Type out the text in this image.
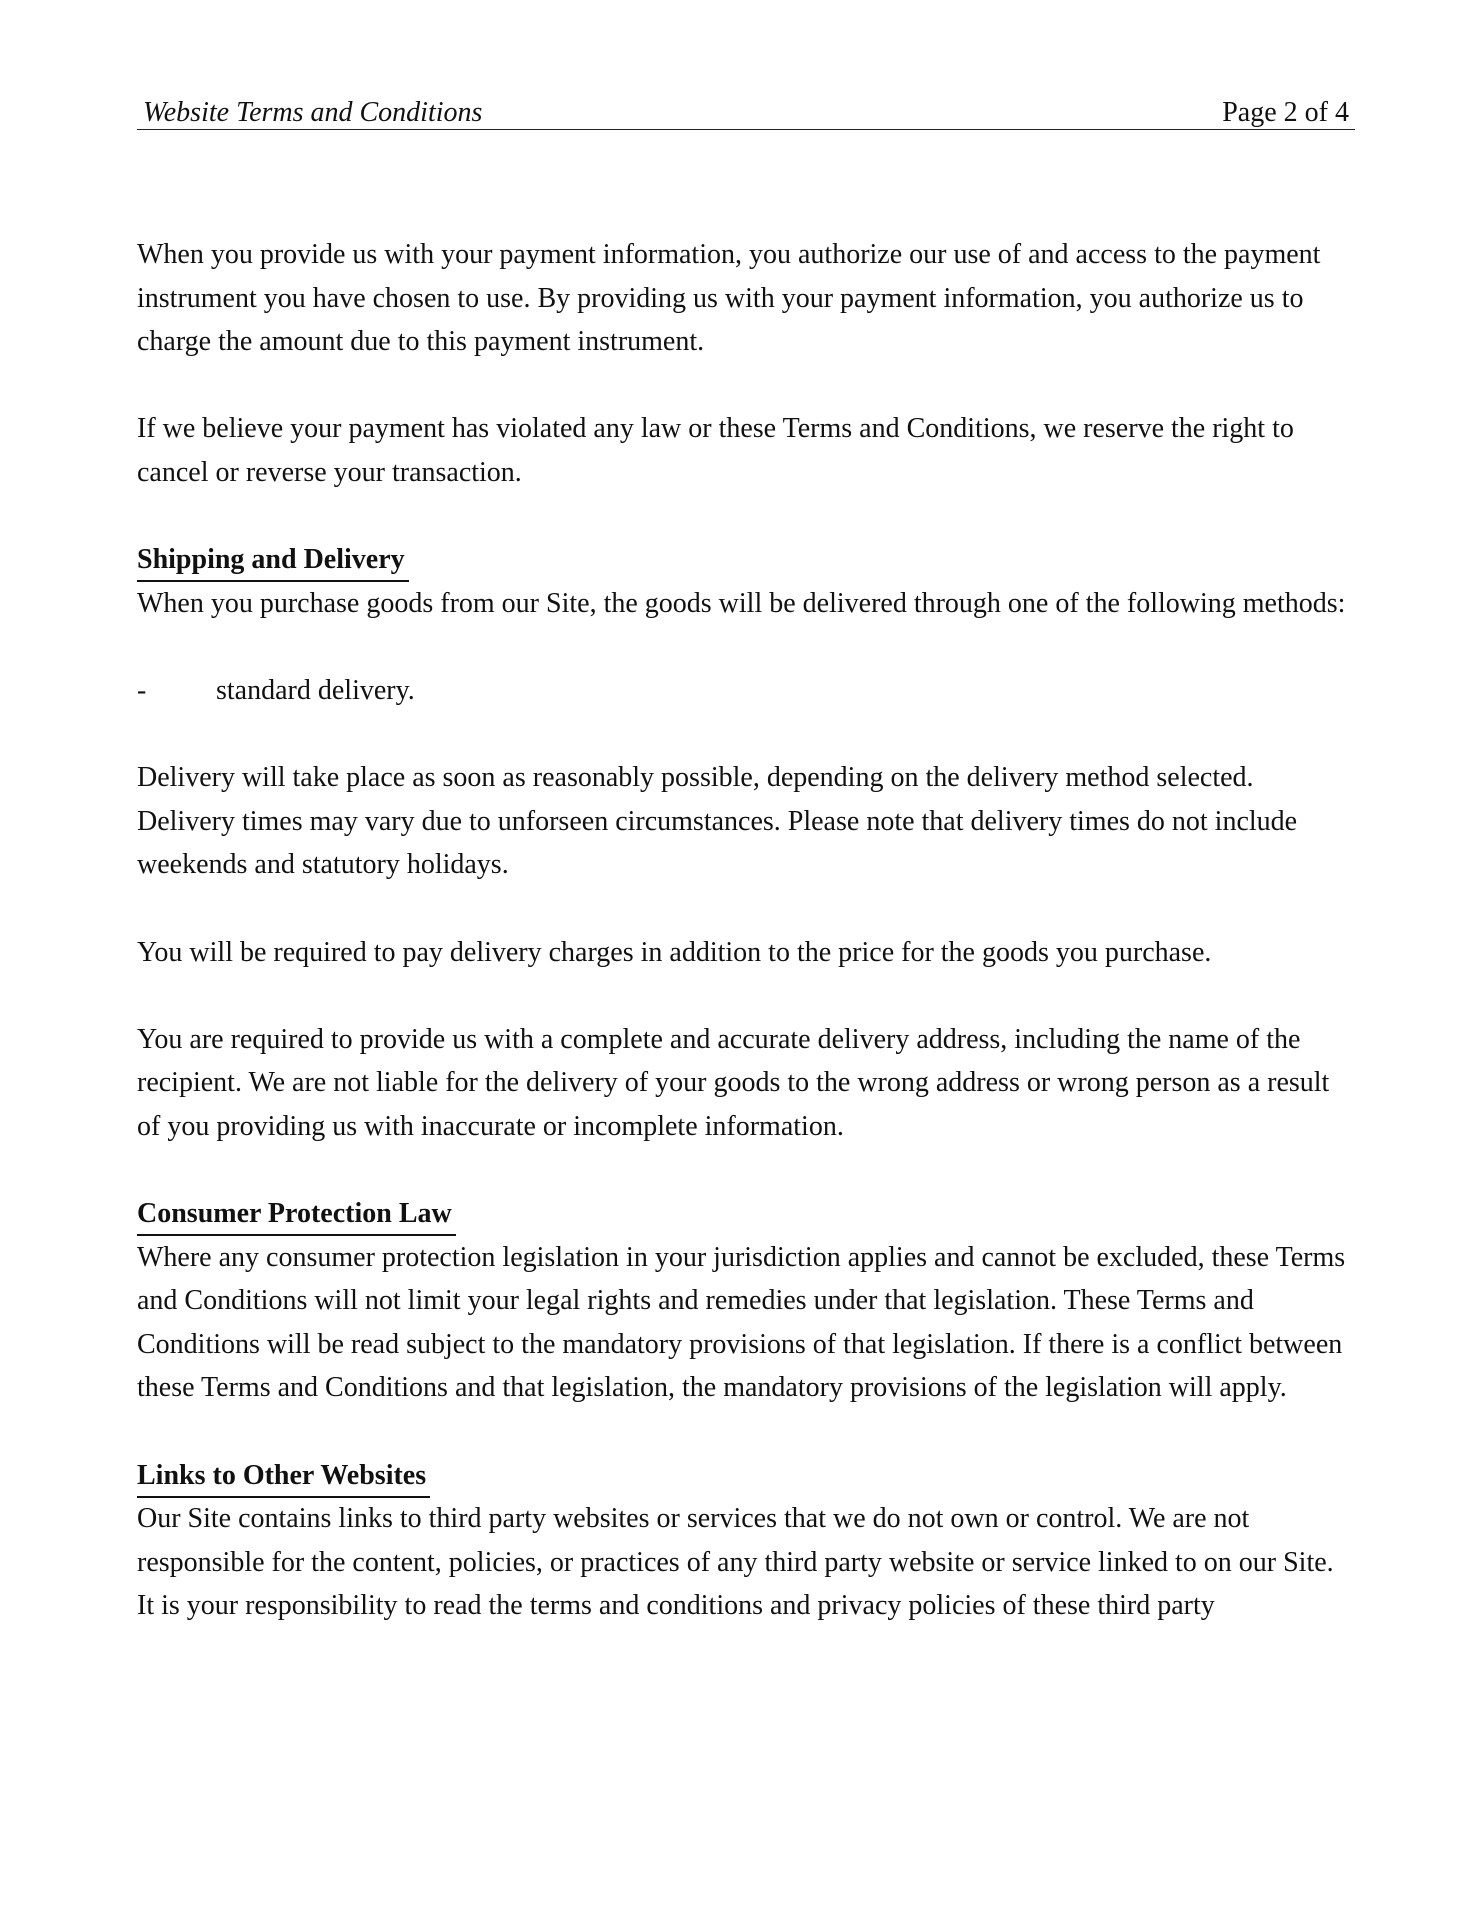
Website Terms and Conditions	Page 2 of 4

When you provide us with your payment information, you authorize our use of and access to the payment instrument you have chosen to use. By providing us with your payment information, you authorize us to charge the amount due to this payment instrument.

If we believe your payment has violated any law or these Terms and Conditions, we reserve the right to cancel or reverse your transaction.

Shipping and Delivery

When you purchase goods from our Site, the goods will be delivered through one of the following methods:

- standard delivery.

Delivery will take place as soon as reasonably possible, depending on the delivery method selected. Delivery times may vary due to unforseen circumstances. Please note that delivery times do not include weekends and statutory holidays.

You will be required to pay delivery charges in addition to the price for the goods you purchase.

You are required to provide us with a complete and accurate delivery address, including the name of the recipient. We are not liable for the delivery of your goods to the wrong address or wrong person as a result of you providing us with inaccurate or incomplete information.

Consumer Protection Law

Where any consumer protection legislation in your jurisdiction applies and cannot be excluded, these Terms and Conditions will not limit your legal rights and remedies under that legislation. These Terms and Conditions will be read subject to the mandatory provisions of that legislation. If there is a conflict between these Terms and Conditions and that legislation, the mandatory provisions of the legislation will apply.

Links to Other Websites

Our Site contains links to third party websites or services that we do not own or control. We are not responsible for the content, policies, or practices of any third party website or service linked to on our Site. It is your responsibility to read the terms and conditions and privacy policies of these third party
